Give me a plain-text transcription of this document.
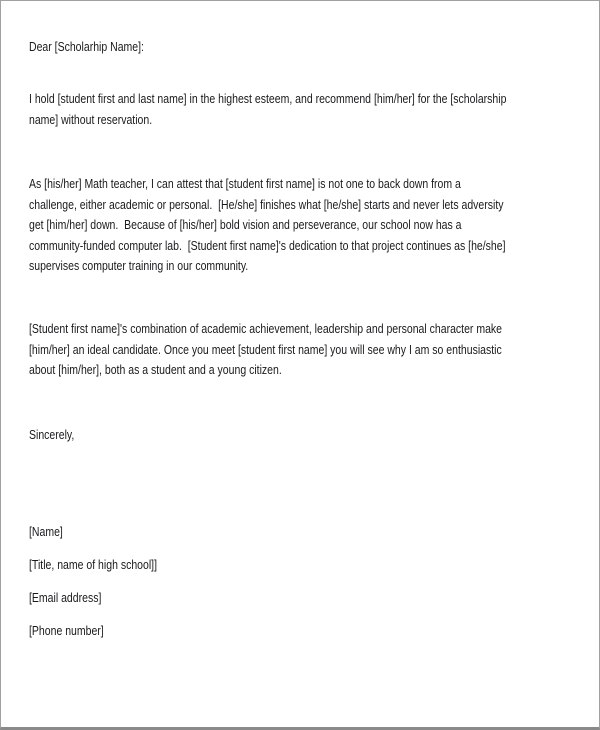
Dear [Scholarhip Name]:

I hold [student first and last name] in the highest esteem, and recommend [him/her] for the [scholarship

name] without reservation.

As [his/her] Math teacher, I can attest that [student first name] is not one to back down from a

challenge, either academic or personal.  [He/she] finishes what [he/she] starts and never lets adversity

get [him/her] down.  Because of [his/her] bold vision and perseverance, our school now has a

community-funded computer lab.  [Student first name]'s dedication to that project continues as [he/she]

supervises computer training in our community.

[Student first name]'s combination of academic achievement, leadership and personal character make

[him/her] an ideal candidate. Once you meet [student first name] you will see why I am so enthusiastic

about [him/her], both as a student and a young citizen.

Sincerely,

[Name]

[Title, name of high school]]

[Email address]

[Phone number]
